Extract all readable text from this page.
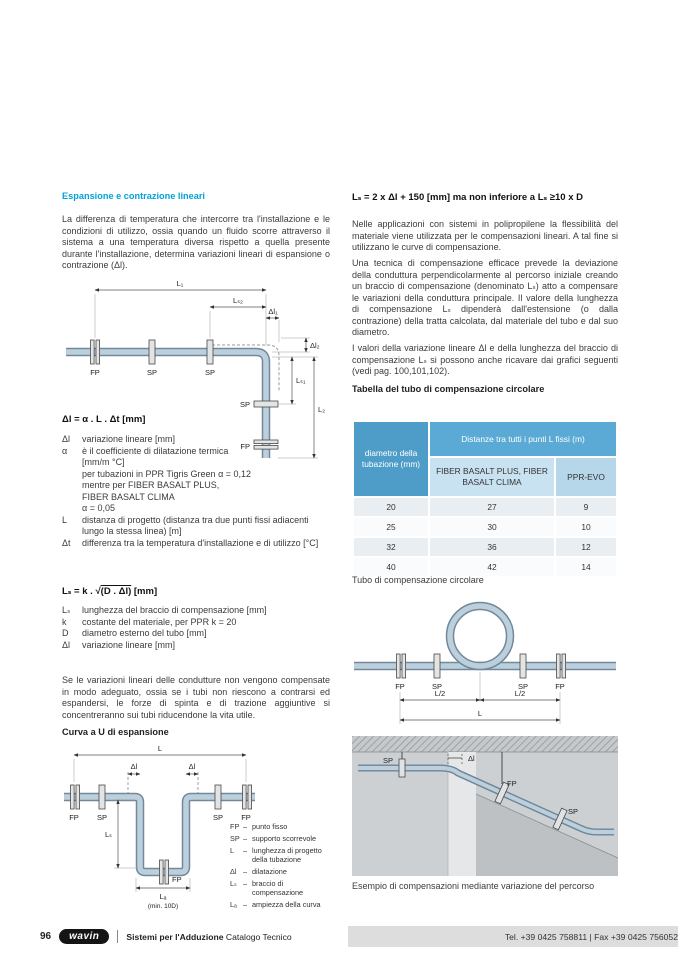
Espansione e contrazione lineari

La differenza di temperatura che intercorre tra l'installazione e le condizioni di utilizzo, ossia quando un fluido scorre attraverso il sistema a una temperatura diversa rispetto a quella presente durante l'installazione, determina variazioni lineari di espansione o contrazione (Δl).

L₁
Lₛ₂
Δl₁
Δl₂
Lₛ₁
L₂
FP	SP	SP
SP
FP
Δl = α . L . Δt [mm]
Δl	variazione lineare [mm]
α	è il coefficiente di dilatazione termica
[mm/m °C]
per tubazioni in PPR Tigris Green α = 0,12
mentre per FIBER BASALT PLUS,
FIBER BASALT CLIMA
α = 0,05
L	distanza di progetto (distanza tra due punti fissi adiacenti lungo la stessa linea) [m]
Δt	differenza tra la temperatura d'installazione e di utilizzo [°C]
Lₛ = k . √(D . Δl) [mm]
Lₛ	lunghezza del braccio di compensazione [mm]
k	costante del materiale, per PPR k = 20
D	diametro esterno del tubo [mm]
Δl	variazione lineare [mm]

Se le variazioni lineari delle condutture non vengono compensate in modo adeguato, ossia se i tubi non riescono a contrarsi ed espandersi, le forze di spinta e di trazione aggiuntive si concentreranno sui tubi riducendone la vita utile.

Curva a U di espansione
L
Δl	Δl
Lₛ
FP SP	SP FP
FP
Lₐ
(min. 10D)
FP – punto fisso
SP – supporto scorrevole
L	– lunghezza di progetto della tubazione
Δl – dilatazione
Lₛ – braccio di compensazione
Lₐ – ampiezza della curva
Lₛ = 2 x Δl + 150 [mm] ma non inferiore a Lₛ ≥10 x D

Nelle applicazioni con sistemi in polipropilene la flessibilità del materiale viene utilizzata per le compensazioni lineari. A tal fine si utilizzano le curve di compensazione.

Una tecnica di compensazione efficace prevede la deviazione della conduttura perpendicolarmente al percorso iniziale creando un braccio di compensazione (denominato Lₛ) atto a compensare le variazioni della conduttura principale. Il valore della lunghezza di compensazione Lₛ dipenderà dall'estensione (o dalla contrazione) della tratta calcolata, dal materiale del tubo e dal suo diametro.

I valori della variazione lineare Δl e della lunghezza del braccio di compensazione Lₛ si possono anche ricavare dai grafici seguenti (vedi pag. 100,101,102).

Tabella del tubo di compensazione circolare
diametro della tubazione (mm)	Distanze tra tutti i punti L fissi (m)	
	FIBER BASALT PLUS, FIBER BASALT CLIMA	PPR-EVO
20	27	9
25	30	10
32	36	12
40	42	14
Tubo di compensazione circolare
FP	SP	SP	FP
L/2	L/2
L
SP	Δl
FP
SP
Esempio di compensazioni mediante variazione del percorso
Tel. +39 0425 758811 | Fax +39 0425 756052
96	wavin	Sistemi per l'Adduzione Catalogo Tecnico
